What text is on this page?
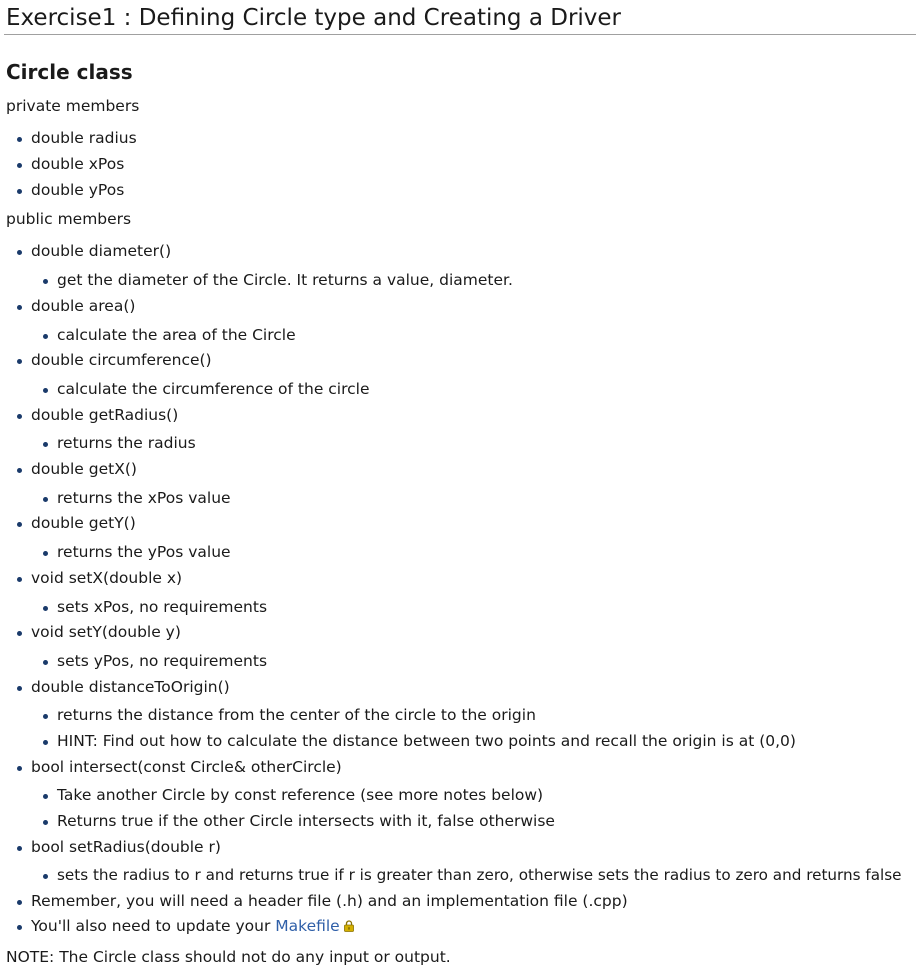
Exercise1 : Defining Circle type and Creating a Driver
Circle class

private members

double radius
double xPos
double yPos

public members

double diameter()
get the diameter of the Circle. It returns a value, diameter.
double area()
calculate the area of the Circle
double circumference()
calculate the circumference of the circle
double getRadius()
returns the radius
double getX()
returns the xPos value
double getY()
returns the yPos value
void setX(double x)
sets xPos, no requirements
void setY(double y)
sets yPos, no requirements
double distanceToOrigin()
returns the distance from the center of the circle to the origin
HINT: Find out how to calculate the distance between two points and recall the origin is at (0,0)
bool intersect(const Circle& otherCircle)
Take another Circle by const reference (see more notes below)
Returns true if the other Circle intersects with it, false otherwise
bool setRadius(double r)
sets the radius to r and returns true if r is greater than zero, otherwise sets the radius to zero and returns false
Remember, you will need a header file (.h) and an implementation file (.cpp)
You'll also need to update your Makefile

NOTE: The Circle class should not do any input or output.
